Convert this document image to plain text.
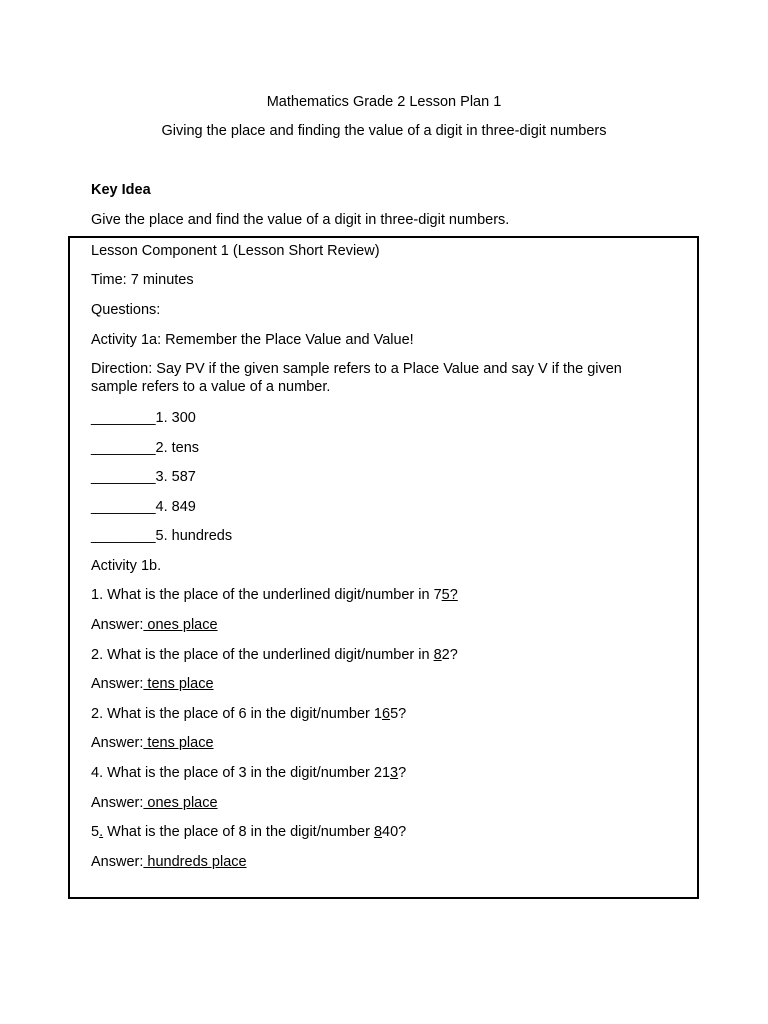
Mathematics Grade 2 Lesson Plan 1
Giving the place and finding the value of a digit in three-digit numbers
Key Idea
Give the place and find the value of a digit in three-digit numbers.
Lesson Component 1 (Lesson Short Review)
Time: 7 minutes
Questions:
Activity 1a: Remember the Place Value and Value!
Direction: Say PV if the given sample refers to a Place Value and say V if the given sample refers to a value of a number.
________1. 300
________2. tens
________3. 587
________4. 849
________5. hundreds
Activity 1b.
1. What is the place of the underlined digit/number in 75?
Answer: ones place
2. What is the place of the underlined digit/number in 82?
Answer: tens place
2. What is the place of 6 in the digit/number 165?
Answer: tens place
4. What is the place of 3 in the digit/number 213?
Answer: ones place
5. What is the place of 8 in the digit/number 840?
Answer: hundreds place
